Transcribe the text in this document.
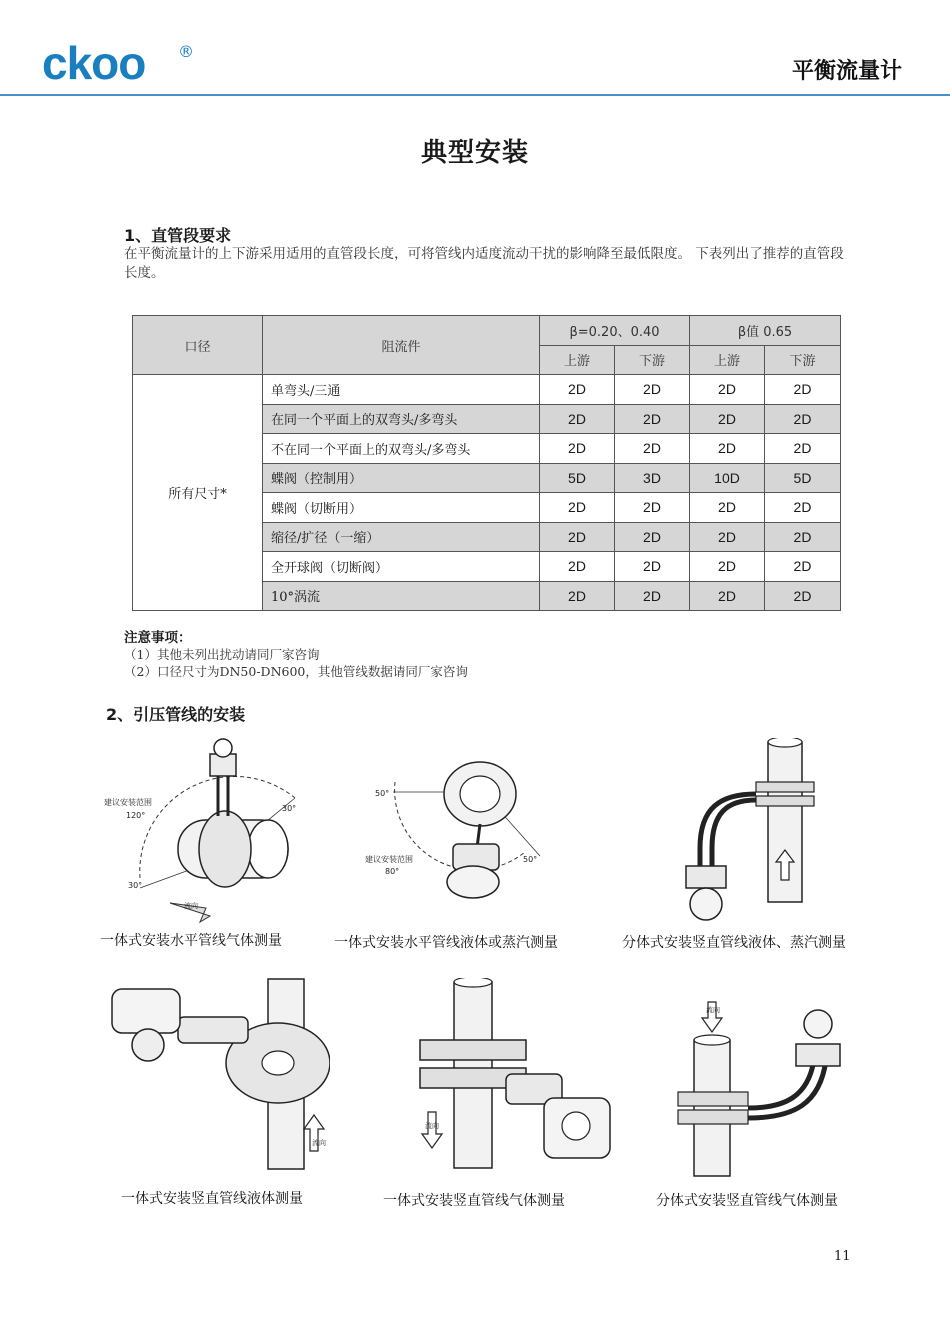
ckoo ®
平衡流量计
典型安装
1、直管段要求
在平衡流量计的上下游采用适用的直管段长度，可将管线内适度流动干扰的影响降至最低限度。 下表列出了推荐的直管段长度。
口径	阻流件	β=0.20、0.40		β值 0.65	
		上游	下游	上游	下游
所有尺寸*	单弯头/三通	2D	2D	2D	2D
	在同一个平面上的双弯头/多弯头	2D	2D	2D	2D
	不在同一个平面上的双弯头/多弯头	2D	2D	2D	2D
	蝶阀（控制用）	5D	3D	10D	5D
	蝶阀（切断用）	2D	2D	2D	2D
	缩径/扩径（一缩）	2D	2D	2D	2D
	全开球阀（切断阀）	2D	2D	2D	2D
	10°涡流	2D	2D	2D	2D
注意事项：
（1）其他未列出扰动请同厂家咨询
（2）口径尺寸为DN50-DN600，其他管线数据请同厂家咨询
2、引压管线的安装
建议安装范围
120°
30°
30°
流向
一体式安装水平管线气体测量
50°
50°
建议安装范围
80°
一体式安装水平管线液体或蒸汽测量	分体式安装竖直管线液体、蒸汽测量
流向
一体式安装竖直管线液体测量
流向
一体式安装竖直管线气体测量
流向
分体式安装竖直管线气体测量
11
